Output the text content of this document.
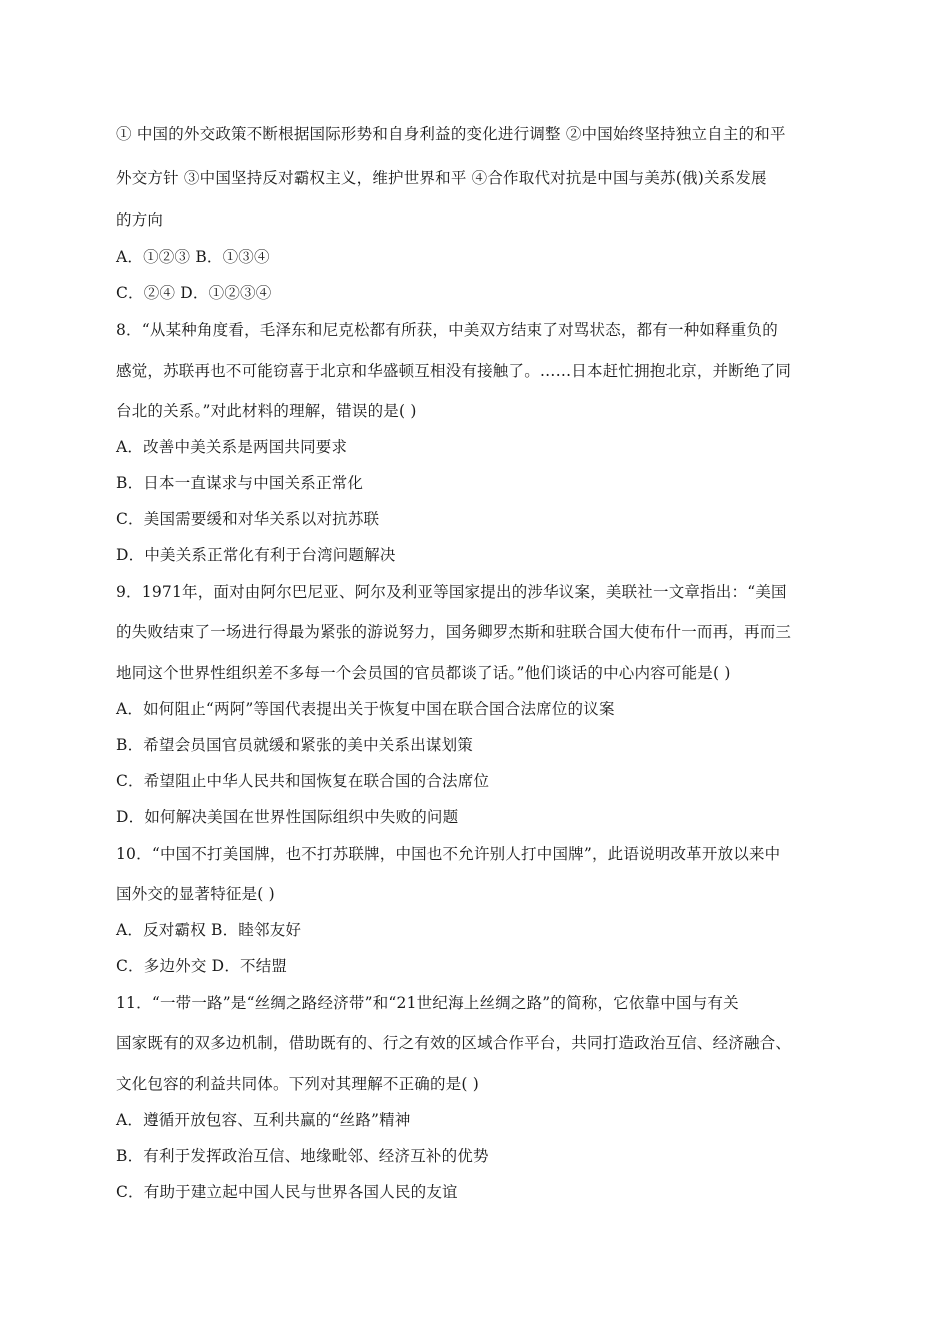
① 中国的外交政策不断根据国际形势和自身利益的变化进行调整 ②中国始终坚持独立自主的和平
外交方针 ③中国坚持反对霸权主义，维护世界和平 ④合作取代对抗是中国与美苏(俄)关系发展
的方向
A．①②③ B．①③④
C．②④ D．①②③④
8．“从某种角度看，毛泽东和尼克松都有所获，中美双方结束了对骂状态，都有一种如释重负的
感觉，苏联再也不可能窃喜于北京和华盛顿互相没有接触了。……日本赶忙拥抱北京，并断绝了同
台北的关系。”对此材料的理解，错误的是( )
A．改善中美关系是两国共同要求
B．日本一直谋求与中国关系正常化
C．美国需要缓和对华关系以对抗苏联
D．中美关系正常化有利于台湾问题解决
9．1971年，面对由阿尔巴尼亚、阿尔及利亚等国家提出的涉华议案，美联社一文章指出：“美国
的失败结束了一场进行得最为紧张的游说努力，国务卿罗杰斯和驻联合国大使布什一而再，再而三
地同这个世界性组织差不多每一个会员国的官员都谈了话。”他们谈话的中心内容可能是( )
A．如何阻止“两阿”等国代表提出关于恢复中国在联合国合法席位的议案
B．希望会员国官员就缓和紧张的美中关系出谋划策
C．希望阻止中华人民共和国恢复在联合国的合法席位
D．如何解决美国在世界性国际组织中失败的问题
10．“中国不打美国牌，也不打苏联牌，中国也不允许别人打中国牌”，此语说明改革开放以来中
国外交的显著特征是( )
A．反对霸权 B．睦邻友好
C．多边外交 D．不结盟
11．“一带一路”是“丝绸之路经济带”和“21世纪海上丝绸之路”的简称，它依靠中国与有关
国家既有的双多边机制，借助既有的、行之有效的区域合作平台，共同打造政治互信、经济融合、
文化包容的利益共同体。下列对其理解不正确的是( )
A．遵循开放包容、互利共赢的“丝路”精神
B．有利于发挥政治互信、地缘毗邻、经济互补的优势
C．有助于建立起中国人民与世界各国人民的友谊
